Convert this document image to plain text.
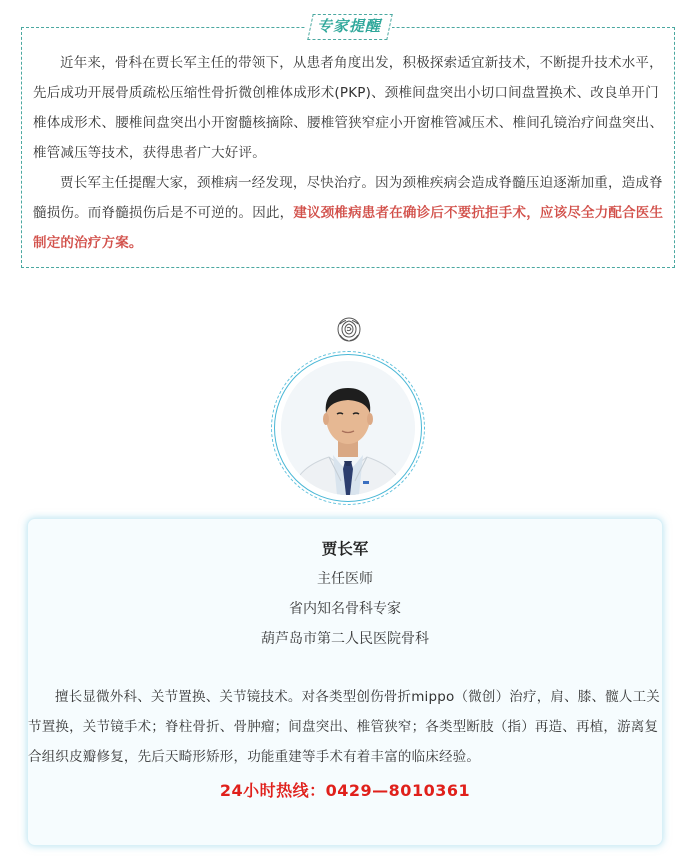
专家提醒

近年来，骨科在贾长军主任的带领下，从患者角度出发，积极探索适宜新技术，不断提升技术水平，先后成功开展骨质疏松压缩性骨折微创椎体成形术(PKP)、颈椎间盘突出小切口间盘置换术、改良单开门椎体成形术、腰椎间盘突出小开窗髓核摘除、腰椎管狭窄症小开窗椎管减压术、椎间孔镜治疗间盘突出、椎管减压等技术，获得患者广大好评。

贾长军主任提醒大家，颈椎病一经发现，尽快治疗。因为颈椎疾病会造成脊髓压迫逐渐加重，造成脊髓损伤。而脊髓损伤后是不可逆的。因此，建议颈椎病患者在确诊后不要抗拒手术，应该尽全力配合医生制定的治疗方案。

贾长军
主任医师
省内知名骨科专家
葫芦岛市第二人民医院骨科

擅长显微外科、关节置换、关节镜技术。对各类型创伤骨折mippo（微创）治疗，肩、膝、髋人工关节置换，关节镜手术；脊柱骨折、骨肿瘤；间盘突出、椎管狭窄；各类型断肢（指）再造、再植，游离复合组织皮瓣修复，先后天畸形矫形，功能重建等手术有着丰富的临床经验。

24小时热线：0429—8010361
